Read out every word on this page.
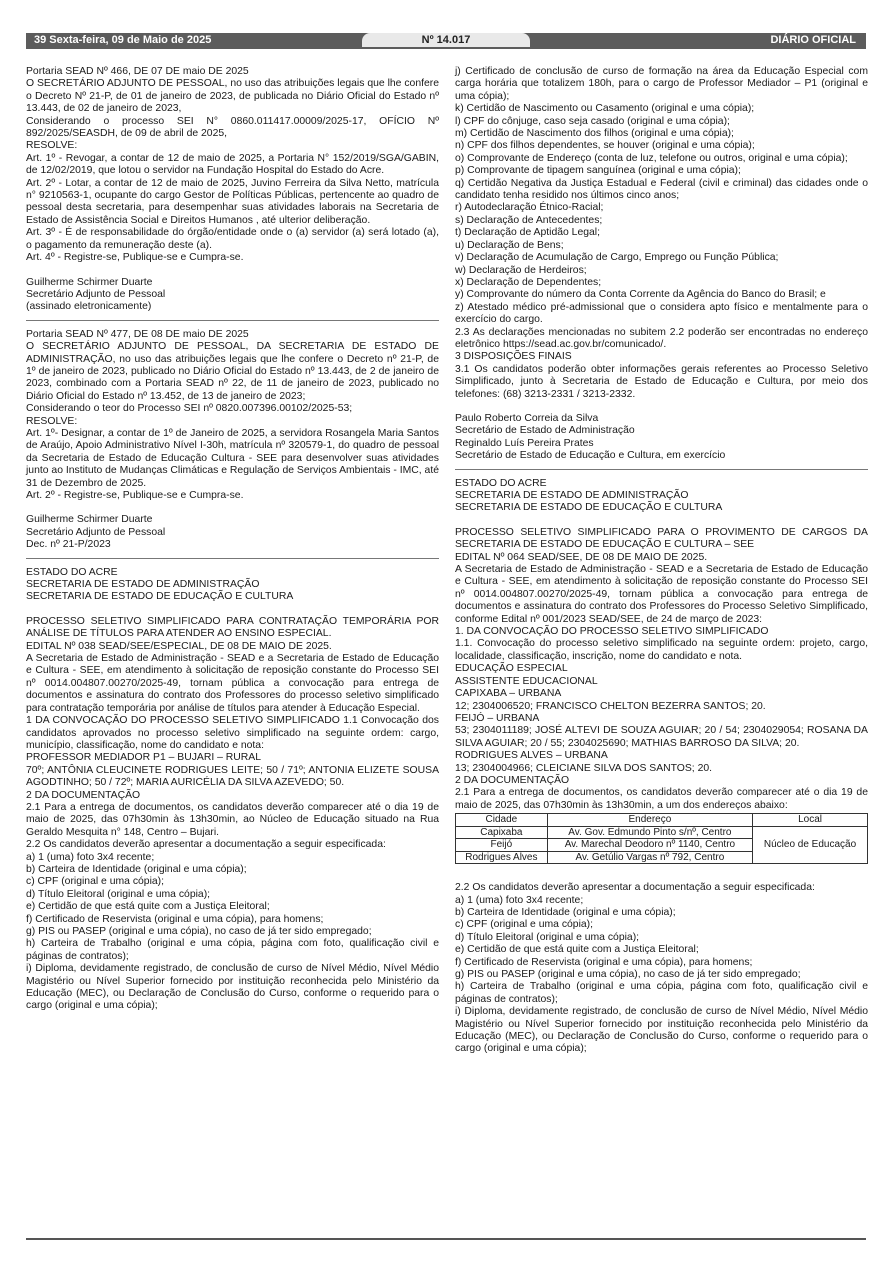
39 Sexta-feira, 09 de Maio de 2025	Nº 14.017	DIÁRIO OFICIAL

Portaria SEAD Nº 466, DE 07 DE maio DE 2025

O SECRETÁRIO ADJUNTO DE PESSOAL, no uso das atribuições legais que lhe confere o Decreto Nº 21-P, de 01 de janeiro de 2023, de publicada no Diário Oficial do Estado nº 13.443, de 02 de janeiro de 2023,

Considerando o processo SEI N° 0860.011417.00009/2025-17, OFÍCIO Nº 892/2025/SEASDH, de 09 de abril de 2025,

RESOLVE:

Art. 1º - Revogar, a contar de 12 de maio de 2025, a Portaria N° 152/2019/SGA/GABIN, de 12/02/2019, que lotou o servidor na Fundação Hospital do Estado do Acre.

Art. 2º - Lotar, a contar de 12 de maio de 2025, Juvino Ferreira da Silva Netto, matrícula n° 9210563-1, ocupante do cargo Gestor de Políticas Públicas, pertencente ao quadro de pessoal desta secretaria, para desempenhar suas atividades laborais na Secretaria de Estado de Assistência Social e Direitos Humanos , até ulterior deliberação.

Art. 3º - É de responsabilidade do órgão/entidade onde o (a) servidor (a) será lotado (a), o pagamento da remuneração deste (a).

Art. 4º - Registre-se, Publique-se e Cumpra-se.

Guilherme Schirmer Duarte

Secretário Adjunto de Pessoal

(assinado eletronicamente)

Portaria SEAD Nº 477, DE 08 DE maio DE 2025

O SECRETÁRIO ADJUNTO DE PESSOAL, DA SECRETARIA DE ESTADO DE ADMINISTRAÇÃO, no uso das atribuições legais que lhe confere o Decreto nº 21-P, de 1º de janeiro de 2023, publicado no Diário Oficial do Estado nº 13.443, de 2 de janeiro de 2023, combinado com a Portaria SEAD nº 22, de 11 de janeiro de 2023, publicado no Diário Oficial do Estado nº 13.452, de 13 de janeiro de 2023;

Considerando o teor do Processo SEI nº 0820.007396.00102/2025-53;

RESOLVE:

Art. 1º- Designar, a contar de 1º de Janeiro de 2025, a servidora Rosangela Maria Santos de Araújo, Apoio Administrativo Nível I-30h, matrícula nº 320579-1, do quadro de pessoal da Secretaria de Estado de Educação Cultura - SEE para desenvolver suas atividades junto ao Instituto de Mudanças Climáticas e Regulação de Serviços Ambientais - IMC, até 31 de Dezembro de 2025.

Art. 2º - Registre-se, Publique-se e Cumpra-se.

Guilherme Schirmer Duarte

Secretário Adjunto de Pessoal

Dec. nº 21-P/2023

ESTADO DO ACRE

SECRETARIA DE ESTADO DE ADMINISTRAÇÃO

SECRETARIA DE ESTADO DE EDUCAÇÃO E CULTURA

PROCESSO SELETIVO SIMPLIFICADO PARA CONTRATAÇÃO TEMPORÁRIA POR ANÁLISE DE TÍTULOS PARA ATENDER AO ENSINO ESPECIAL.

EDITAL Nº 038 SEAD/SEE/ESPECIAL, DE 08 DE MAIO DE 2025.

A Secretaria de Estado de Administração - SEAD e a Secretaria de Estado de Educação e Cultura - SEE, em atendimento à solicitação de reposição constante do Processo SEI nº 0014.004807.00270/2025-49, tornam pública a convocação para entrega de documentos e assinatura do contrato dos Professores do processo seletivo simplificado para contratação temporária por análise de títulos para atender à Educação Especial.

1 DA CONVOCAÇÃO DO PROCESSO SELETIVO SIMPLIFICADO 1.1 Convocação dos candidatos aprovados no processo seletivo simplificado na seguinte ordem: cargo, município, classificação, nome do candidato e nota:

PROFESSOR MEDIADOR P1 – BUJARI – RURAL

70º; ANTÔNIA CLEUCINETE RODRIGUES LEITE; 50 / 71º; ANTONIA ELIZETE SOUSA AGODTINHO; 50 / 72º; MARIA AURICÉLIA DA SILVA AZEVEDO; 50.

2 DA DOCUMENTAÇÃO

2.1 Para a entrega de documentos, os candidatos deverão comparecer até o dia 19 de maio de 2025, das 07h30min às 13h30min, ao Núcleo de Educação situado na Rua Geraldo Mesquita n° 148, Centro – Bujari.

2.2 Os candidatos deverão apresentar a documentação a seguir especificada:

a) 1 (uma) foto 3x4 recente;

b) Carteira de Identidade (original e uma cópia);

c) CPF (original e uma cópia);

d) Título Eleitoral (original e uma cópia);

e) Certidão de que está quite com a Justiça Eleitoral;

f) Certificado de Reservista (original e uma cópia), para homens;

g) PIS ou PASEP (original e uma cópia), no caso de já ter sido empregado;

h) Carteira de Trabalho (original e uma cópia, página com foto, qualificação civil e páginas de contratos);

i) Diploma, devidamente registrado, de conclusão de curso de Nível Médio, Nível Médio Magistério ou Nível Superior fornecido por instituição reconhecida pelo Ministério da Educação (MEC), ou Declaração de Conclusão do Curso, conforme o requerido para o cargo (original e uma cópia);

j) Certificado de conclusão de curso de formação na área da Educação Especial com carga horária que totalizem 180h, para o cargo de Professor Mediador – P1 (original e uma cópia);

k) Certidão de Nascimento ou Casamento (original e uma cópia);

l) CPF do cônjuge, caso seja casado (original e uma cópia);

m) Certidão de Nascimento dos filhos (original e uma cópia);

n) CPF dos filhos dependentes, se houver (original e uma cópia);

o) Comprovante de Endereço (conta de luz, telefone ou outros, original e uma cópia);

p) Comprovante de tipagem sanguínea (original e uma cópia);

q) Certidão Negativa da Justiça Estadual e Federal (civil e criminal) das cidades onde o candidato tenha residido nos últimos cinco anos;

r) Autodeclaração Étnico-Racial;

s) Declaração de Antecedentes;

t) Declaração de Aptidão Legal;

u) Declaração de Bens;

v) Declaração de Acumulação de Cargo, Emprego ou Função Pública;

w) Declaração de Herdeiros;

x) Declaração de Dependentes;

y) Comprovante do número da Conta Corrente da Agência do Banco do Brasil; e

z) Atestado médico pré-admissional que o considera apto físico e mentalmente para o exercício do cargo.

2.3 As declarações mencionadas no subitem 2.2 poderão ser encontradas no endereço eletrônico https://sead.ac.gov.br/comunicado/.

3 DISPOSIÇÕES FINAIS

3.1 Os candidatos poderão obter informações gerais referentes ao Processo Seletivo Simplificado, junto à Secretaria de Estado de Educação e Cultura, por meio dos telefones: (68) 3213-2331 / 3213-2332.

Paulo Roberto Correia da Silva

Secretário de Estado de Administração

Reginaldo Luís Pereira Prates

Secretário de Estado de Educação e Cultura, em exercício

ESTADO DO ACRE

SECRETARIA DE ESTADO DE ADMINISTRAÇÃO

SECRETARIA DE ESTADO DE EDUCAÇÃO E CULTURA

PROCESSO SELETIVO SIMPLIFICADO PARA O PROVIMENTO DE CARGOS DA SECRETARIA DE ESTADO DE EDUCAÇÃO E CULTURA – SEE

EDITAL Nº 064 SEAD/SEE, DE 08 DE MAIO DE 2025.

A Secretaria de Estado de Administração - SEAD e a Secretaria de Estado de Educação e Cultura - SEE, em atendimento à solicitação de reposição constante do Processo SEI nº 0014.004807.00270/2025-49, tornam pública a convocação para entrega de documentos e assinatura do contrato dos Professores do Processo Seletivo Simplificado, conforme Edital nº 001/2023 SEAD/SEE, de 24 de março de 2023:

1. DA CONVOCAÇÃO DO PROCESSO SELETIVO SIMPLIFICADO

1.1. Convocação do processo seletivo simplificado na seguinte ordem: projeto, cargo, localidade, classificação, inscrição, nome do candidato e nota.

EDUCAÇÃO ESPECIAL

ASSISTENTE EDUCACIONAL

CAPIXABA – URBANA

12; 2304006520; FRANCISCO CHELTON BEZERRA SANTOS; 20.

FEIJÓ – URBANA

53; 2304011189; JOSÉ ALTEVI DE SOUZA AGUIAR; 20 / 54; 2304029054; ROSANA DA SILVA AGUIAR; 20 / 55; 2304025690; MATHIAS BARROSO DA SILVA; 20.

RODRIGUES ALVES – URBANA

13; 2304004966; CLEICIANE SILVA DOS SANTOS; 20.

2 DA DOCUMENTAÇÃO

2.1 Para a entrega de documentos, os candidatos deverão comparecer até o dia 19 de maio de 2025, das 07h30min às 13h30min, a um dos endereços abaixo:

Cidade	Endereço	Local
Capixaba	Av. Gov. Edmundo Pinto s/nº, Centro	Núcleo de Educação
Feijó	Av. Marechal Deodoro nº 1140, Centro	
Rodrigues Alves	Av. Getúlio Vargas nº 792, Centro	

2.2 Os candidatos deverão apresentar a documentação a seguir especificada:

a) 1 (uma) foto 3x4 recente;

b) Carteira de Identidade (original e uma cópia);

c) CPF (original e uma cópia);

d) Título Eleitoral (original e uma cópia);

e) Certidão de que está quite com a Justiça Eleitoral;

f) Certificado de Reservista (original e uma cópia), para homens;

g) PIS ou PASEP (original e uma cópia), no caso de já ter sido empregado;

h) Carteira de Trabalho (original e uma cópia, página com foto, qualificação civil e páginas de contratos);

i) Diploma, devidamente registrado, de conclusão de curso de Nível Médio, Nível Médio Magistério ou Nível Superior fornecido por instituição reconhecida pelo Ministério da Educação (MEC), ou Declaração de Conclusão do Curso, conforme o requerido para o cargo (original e uma cópia);
